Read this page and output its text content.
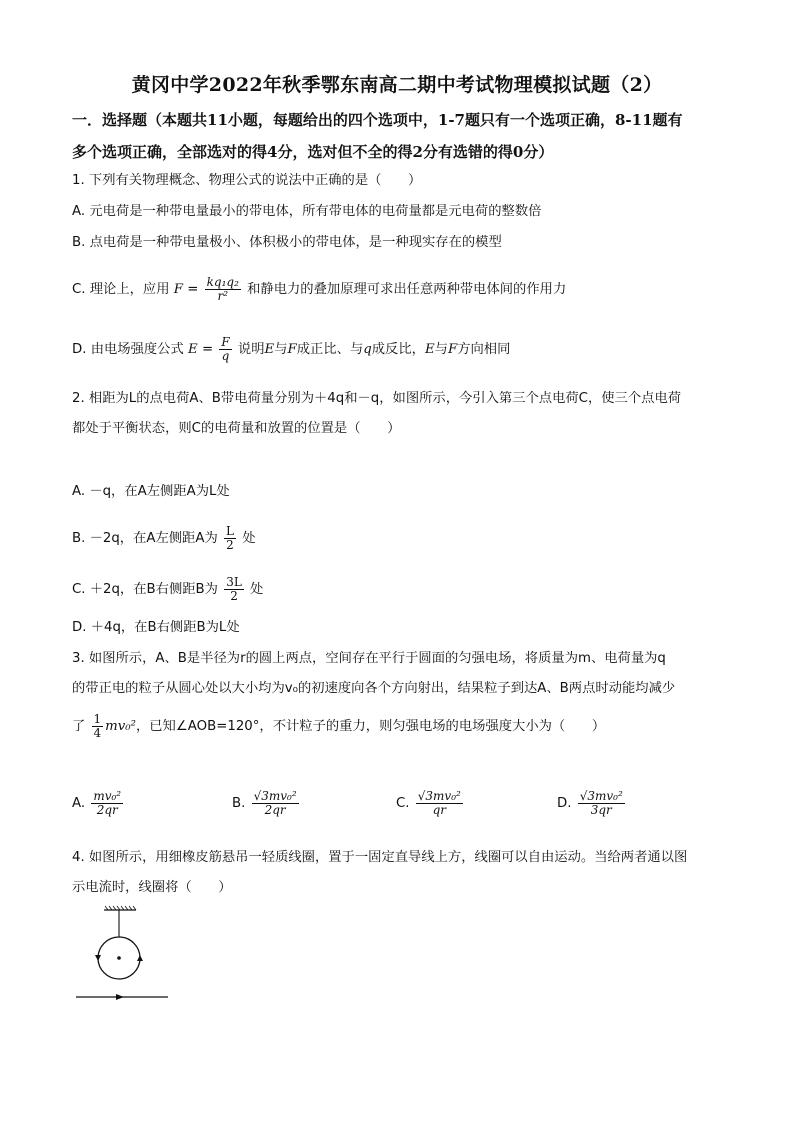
黄冈中学2022年秋季鄂东南高二期中考试物理模拟试题（2）
一．选择题（本题共11小题，每题给出的四个选项中，1-7题只有一个选项正确，8-11题有
多个选项正确，全部选对的得4分，选对但不全的得2分有选错的得0分）
1. 下列有关物理概念、物理公式的说法中正确的是（　　）
A. 元电荷是一种带电量最小的带电体，所有带电体的电荷量都是元电荷的整数倍
B. 点电荷是一种带电量极小、体积极小的带电体，是一种现实存在的模型
C. 理论上，应用 $F = \frac{\text{kq₁q₂}}{\text{r²}}$ 和静电力的叠加原理可求出任意两种带电体间的作用力
D. 由电场强度公式 $E = \frac{F}{q}$ 说明E与F成正比、与q成反比，E与F方向相同
2. 相距为L的点电荷A、B带电荷量分别为＋4q和－q，如图所示，今引入第三个点电荷C，使三个点电荷
都处于平衡状态，则C的电荷量和放置的位置是（　　）
A. －q，在A左侧距A为L处
B. －2q，在A左侧距A为 $\frac{L}{2}$ 处
C. ＋2q，在B右侧距B为 $\frac{3L}{2}$ 处
D. ＋4q，在B右侧距B为L处
3. 如图所示，A、B是半径为r的圆上两点，空间存在平行于圆面的匀强电场，将质量为m、电荷量为q
的带正电的粒子从圆心处以大小均为v₀的初速度向各个方向射出，结果粒子到达A、B两点时动能均减少
了 $\frac{1}{4} mv_0^2$，已知∠AOB=120°，不计粒子的重力，则匀强电场的电场强度大小为（　　）
A. $\frac{\text{mv₀²}}{2qr}$	B. $\frac{\text{√3mv₀²}}{2qr}$	C. $\frac{\text{√3mv₀²}}{qr}$	D. $\frac{\text{√3mv₀²}}{3qr}$
4. 如图所示，用细橡皮筋悬吊一轻质线圈，置于一固定直导线上方，线圈可以自由运动。当给两者通以图
示电流时，线圈将（　　）
